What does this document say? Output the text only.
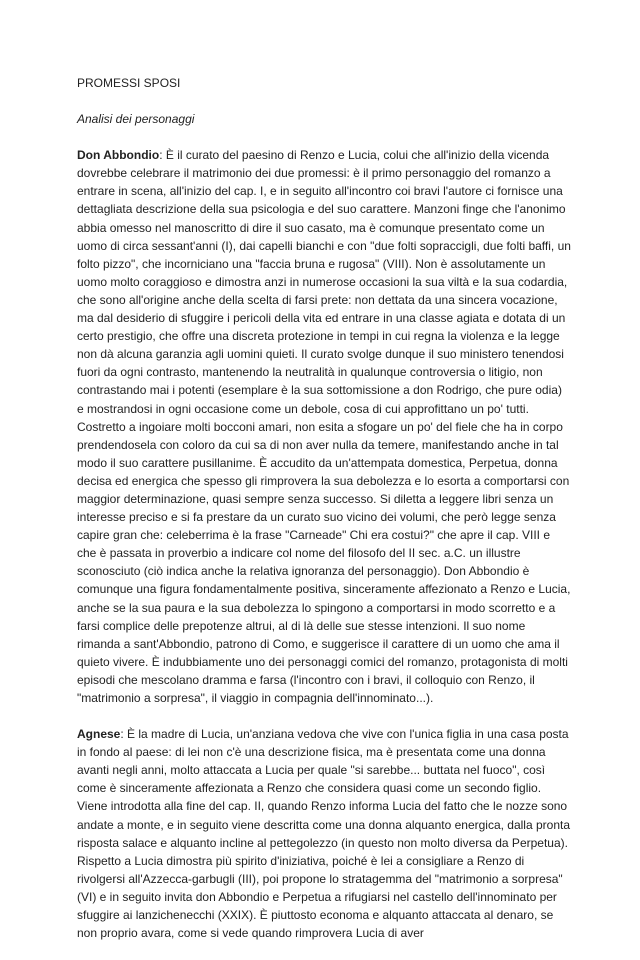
PROMESSI SPOSI

Analisi dei personaggi

Don Abbondio: È il curato del paesino di Renzo e Lucia, colui che all'inizio della vicenda dovrebbe celebrare il matrimonio dei due promessi: è il primo personaggio del romanzo a entrare in scena, all'inizio del cap. I, e in seguito all'incontro coi bravi l'autore ci fornisce una dettagliata descrizione della sua psicologia e del suo carattere. Manzoni finge che l'anonimo abbia omesso nel manoscritto di dire il suo casato, ma è comunque presentato come un uomo di circa sessant'anni (I), dai capelli bianchi e con "due folti sopraccigli, due folti baffi, un folto pizzo", che incorniciano una "faccia bruna e rugosa" (VIII). Non è assolutamente un uomo molto coraggioso e dimostra anzi in numerose occasioni la sua viltà e la sua codardia, che sono all'origine anche della scelta di farsi prete: non dettata da una sincera vocazione, ma dal desiderio di sfuggire i pericoli della vita ed entrare in una classe agiata e dotata di un certo prestigio, che offre una discreta protezione in tempi in cui regna la violenza e la legge non dà alcuna garanzia agli uomini quieti. Il curato svolge dunque il suo ministero tenendosi fuori da ogni contrasto, mantenendo la neutralità in qualunque controversia o litigio, non contrastando mai i potenti (esemplare è la sua sottomissione a don Rodrigo, che pure odia) e mostrandosi in ogni occasione come un debole, cosa di cui approfittano un po' tutti. Costretto a ingoiare molti bocconi amari, non esita a sfogare un po' del fiele che ha in corpo prendendosela con coloro da cui sa di non aver nulla da temere, manifestando anche in tal modo il suo carattere pusillanime. È accudito da un'attempata domestica, Perpetua, donna decisa ed energica che spesso gli rimprovera la sua debolezza e lo esorta a comportarsi con maggior determinazione, quasi sempre senza successo. Si diletta a leggere libri senza un interesse preciso e si fa prestare da un curato suo vicino dei volumi, che però legge senza capire gran che: celeberrima è la frase "Carneade" Chi era costui?" che apre il cap. VIII e che è passata in proverbio a indicare col nome del filosofo del II sec. a.C. un illustre sconosciuto (ciò indica anche la relativa ignoranza del personaggio). Don Abbondio è comunque una figura fondamentalmente positiva, sinceramente affezionato a Renzo e Lucia, anche se la sua paura e la sua debolezza lo spingono a comportarsi in modo scorretto e a farsi complice delle prepotenze altrui, al di là delle sue stesse intenzioni. Il suo nome rimanda a sant'Abbondio, patrono di Como, e suggerisce il carattere di un uomo che ama il quieto vivere. È indubbiamente uno dei personaggi comici del romanzo, protagonista di molti episodi che mescolano dramma e farsa (l'incontro con i bravi, il colloquio con Renzo, il "matrimonio a sorpresa", il viaggio in compagnia dell'innominato...).

Agnese: È la madre di Lucia, un'anziana vedova che vive con l'unica figlia in una casa posta in fondo al paese: di lei non c'è una descrizione fisica, ma è presentata come una donna avanti negli anni, molto attaccata a Lucia per quale "si sarebbe... buttata nel fuoco", così come è sinceramente affezionata a Renzo che considera quasi come un secondo figlio. Viene introdotta alla fine del cap. II, quando Renzo informa Lucia del fatto che le nozze sono andate a monte, e in seguito viene descritta come una donna alquanto energica, dalla pronta risposta salace e alquanto incline al pettegolezzo (in questo non molto diversa da Perpetua). Rispetto a Lucia dimostra più spirito d'iniziativa, poiché è lei a consigliare a Renzo di rivolgersi all'Azzecca-garbugli (III), poi propone lo stratagemma del "matrimonio a sorpresa" (VI) e in seguito invita don Abbondio e Perpetua a rifugiarsi nel castello dell'innominato per sfuggire ai lanzichenecchi (XXIX). È piuttosto economa e alquanto attaccata al denaro, se non proprio avara, come si vede quando rimprovera Lucia di aver
